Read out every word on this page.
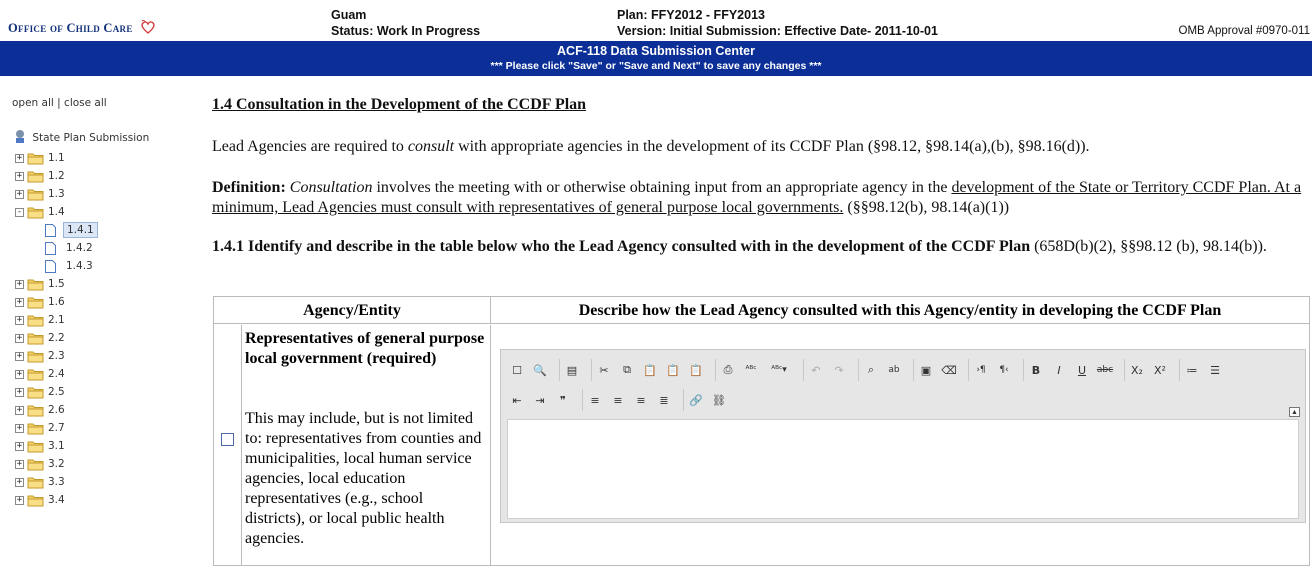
Office of Child Care
Guam
Status: Work In Progress
Plan: FFY2012 - FFY2013
Version: Initial Submission: Effective Date- 2011-10-01	OMB Approval #0970-011
ACF-118 Data Submission Center
*** Please click "Save" or "Save and Next" to save any changes ***
open all | close all
State Plan Submission
+ 1.1
+ 1.2
+ 1.3
- 1.4
1.4.1
1.4.2
1.4.3
+ 1.5
+ 1.6
+ 2.1
+ 2.2
+ 2.3
+ 2.4
+ 2.5
+ 2.6
+ 2.7
+ 3.1
+ 3.2
+ 3.3
+ 3.4
1.4 Consultation in the Development of the CCDF Plan
Lead Agencies are required to consult with appropriate agencies in the development of its CCDF Plan (§98.12, §98.14(a),(b), §98.16(d)).
Definition: Consultation involves the meeting with or otherwise obtaining input from an appropriate agency in the development of the State or Territory CCDF Plan. At a minimum, Lead Agencies must consult with representatives of general purpose local governments. (§§98.12(b), 98.14(a)(1))
1.4.1 Identify and describe in the table below who the Lead Agency consulted with in the development of the CCDF Plan (658D(b)(2), §§98.12 (b), 98.14(b)).
Agency/Entity	Describe how the Lead Agency consulted with this Agency/entity in developing the CCDF Plan
Representatives of general purpose local government (required)
This may include, but is not limited to: representatives from counties and municipalities, local human service agencies, local education representatives (e.g., school districts), or local public health agencies.
☐	🔍	▤	✂	⧉	📋 📋 📋	⎙	ᴬᴮᶜ	ᴬᴮᶜ▾	↶	↷	⌕	ab	▣ ⌫	›¶	¶‹	B	I	U	abc	X₂	X²	≔	☰
⇤	⇥	❞	≡	≡	≡	≣	🔗 ⛓
▲
